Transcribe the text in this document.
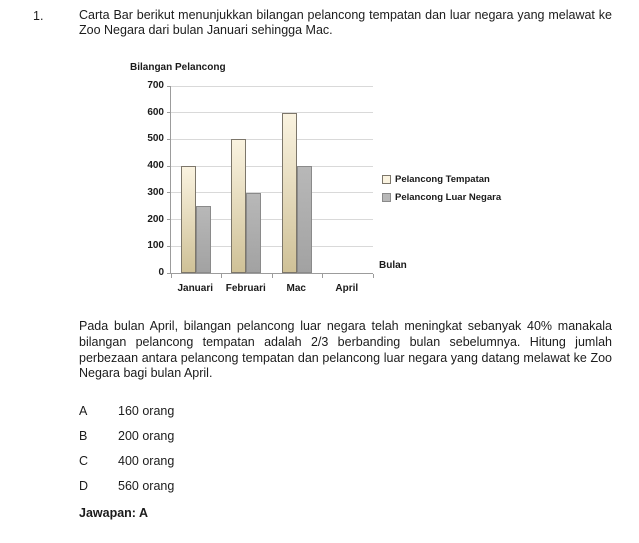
1.	Carta Bar berikut menunjukkan bilangan pelancong tempatan dan luar negara yang melawat ke Zoo Negara dari bulan Januari sehingga Mac.

Bilangan Pelancong
0
100
200
300
400
500
600
700
Januari	Februari	Mac	April
Bulan
Pelancong Tempatan
Pelancong Luar Negara

Pada bulan April, bilangan pelancong luar negara telah meningkat sebanyak 40% manakala bilangan pelancong tempatan adalah 2/3 berbanding bulan sebelumnya. Hitung jumlah perbezaan antara pelancong tempatan dan pelancong luar negara yang datang melawat ke Zoo Negara bagi bulan April.

A 160 orang
B 200 orang
C 400 orang
D 560 orang
Jawapan: A
